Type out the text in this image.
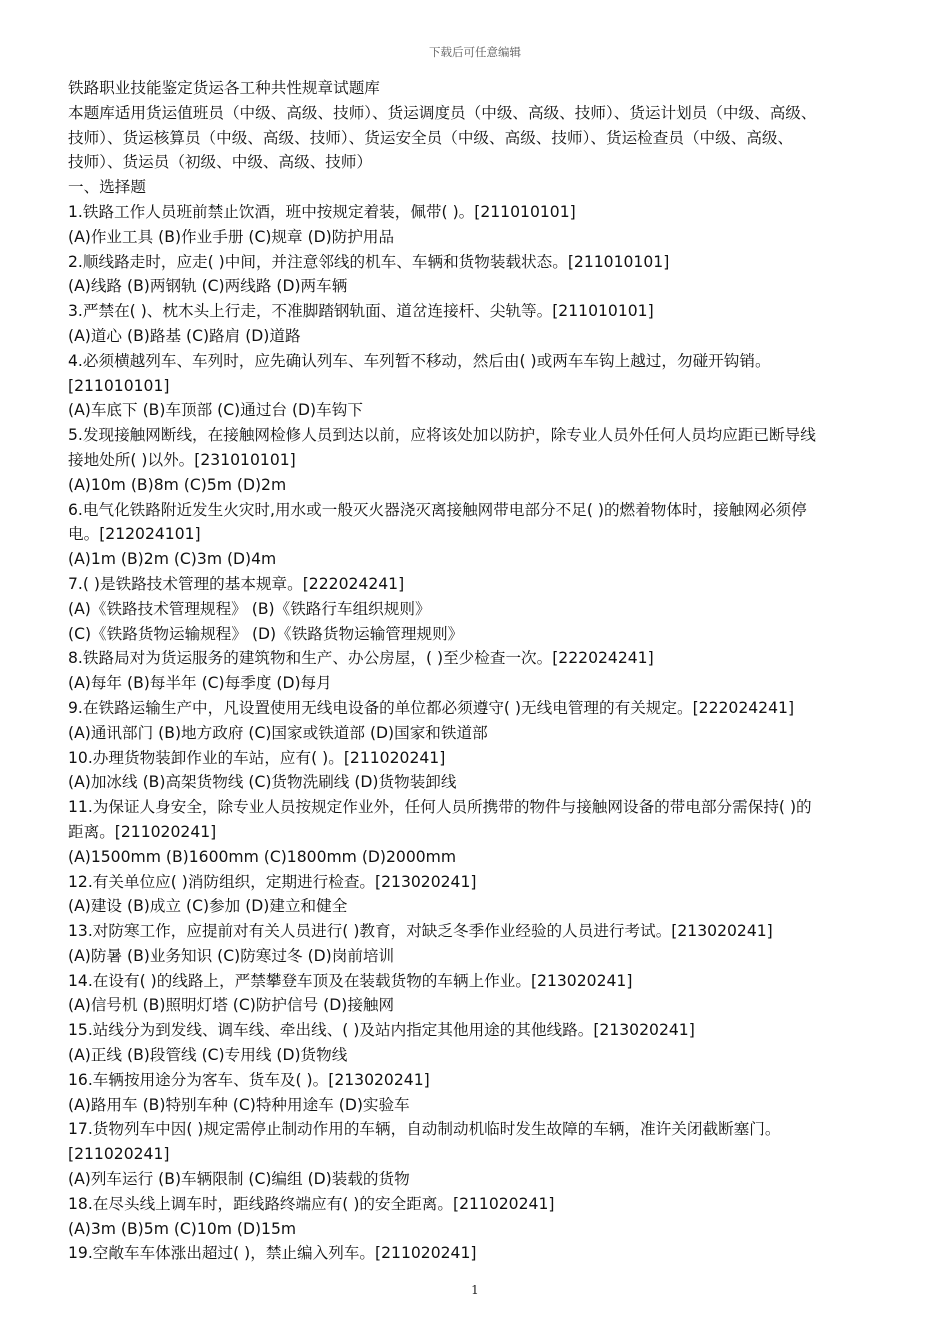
下载后可任意编辑
铁路职业技能鉴定货运各工种共性规章试题库
本题库适用货运值班员（中级、高级、技师）、货运调度员（中级、高级、技师）、货运计划员（中级、高级、
技师）、货运核算员（中级、高级、技师）、货运安全员（中级、高级、技师）、货运检查员（中级、高级、
技师）、货运员（初级、中级、高级、技师）
一、选择题
1.铁路工作人员班前禁止饮酒，班中按规定着装，佩带( )。[211010101]
(A)作业工具 (B)作业手册 (C)规章 (D)防护用品
2.顺线路走时，应走( )中间，并注意邻线的机车、车辆和货物装载状态。[211010101]
(A)线路 (B)两钢轨 (C)两线路 (D)两车辆
3.严禁在( )、枕木头上行走，不准脚踏钢轨面、道岔连接杆、尖轨等。[211010101]
(A)道心 (B)路基 (C)路肩 (D)道路
4.必须横越列车、车列时，应先确认列车、车列暂不移动，然后由( )或两车车钩上越过，勿碰开钩销。
[211010101]
(A)车底下 (B)车顶部 (C)通过台 (D)车钩下
5.发现接触网断线，在接触网检修人员到达以前，应将该处加以防护，除专业人员外任何人员均应距已断导线
接地处所( )以外。[231010101]
(A)10m (B)8m (C)5m (D)2m
6.电气化铁路附近发生火灾时,用水或一般灭火器浇灭离接触网带电部分不足( )的燃着物体时，接触网必须停
电。[212024101]
(A)1m (B)2m (C)3m (D)4m
7.( )是铁路技术管理的基本规章。[222024241]
(A)《铁路技术管理规程》 (B)《铁路行车组织规则》
(C)《铁路货物运输规程》 (D)《铁路货物运输管理规则》
8.铁路局对为货运服务的建筑物和生产、办公房屋，( )至少检查一次。[222024241]
(A)每年 (B)每半年 (C)每季度 (D)每月
9.在铁路运输生产中，凡设置使用无线电设备的单位都必须遵守( )无线电管理的有关规定。[222024241]
(A)通讯部门 (B)地方政府 (C)国家或铁道部 (D)国家和铁道部
10.办理货物装卸作业的车站，应有( )。[211020241]
(A)加冰线 (B)高架货物线 (C)货物洗刷线 (D)货物装卸线
11.为保证人身安全，除专业人员按规定作业外，任何人员所携带的物件与接触网设备的带电部分需保持( )的
距离。[211020241]
(A)1500mm (B)1600mm (C)1800mm (D)2000mm
12.有关单位应( )消防组织，定期进行检查。[213020241]
(A)建设 (B)成立 (C)参加 (D)建立和健全
13.对防寒工作，应提前对有关人员进行( )教育，对缺乏冬季作业经验的人员进行考试。[213020241]
(A)防暑 (B)业务知识 (C)防寒过冬 (D)岗前培训
14.在设有( )的线路上，严禁攀登车顶及在装载货物的车辆上作业。[213020241]
(A)信号机 (B)照明灯塔 (C)防护信号 (D)接触网
15.站线分为到发线、调车线、牵出线、( )及站内指定其他用途的其他线路。[213020241]
(A)正线 (B)段管线 (C)专用线 (D)货物线
16.车辆按用途分为客车、货车及( )。[213020241]
(A)路用车 (B)特别车种 (C)特种用途车 (D)实验车
17.货物列车中因( )规定需停止制动作用的车辆，自动制动机临时发生故障的车辆，准许关闭截断塞门。
[211020241]
(A)列车运行 (B)车辆限制 (C)编组 (D)装载的货物
18.在尽头线上调车时，距线路终端应有( )的安全距离。[211020241]
(A)3m (B)5m (C)10m (D)15m
19.空敞车车体涨出超过( )，禁止编入列车。[211020241]
1
